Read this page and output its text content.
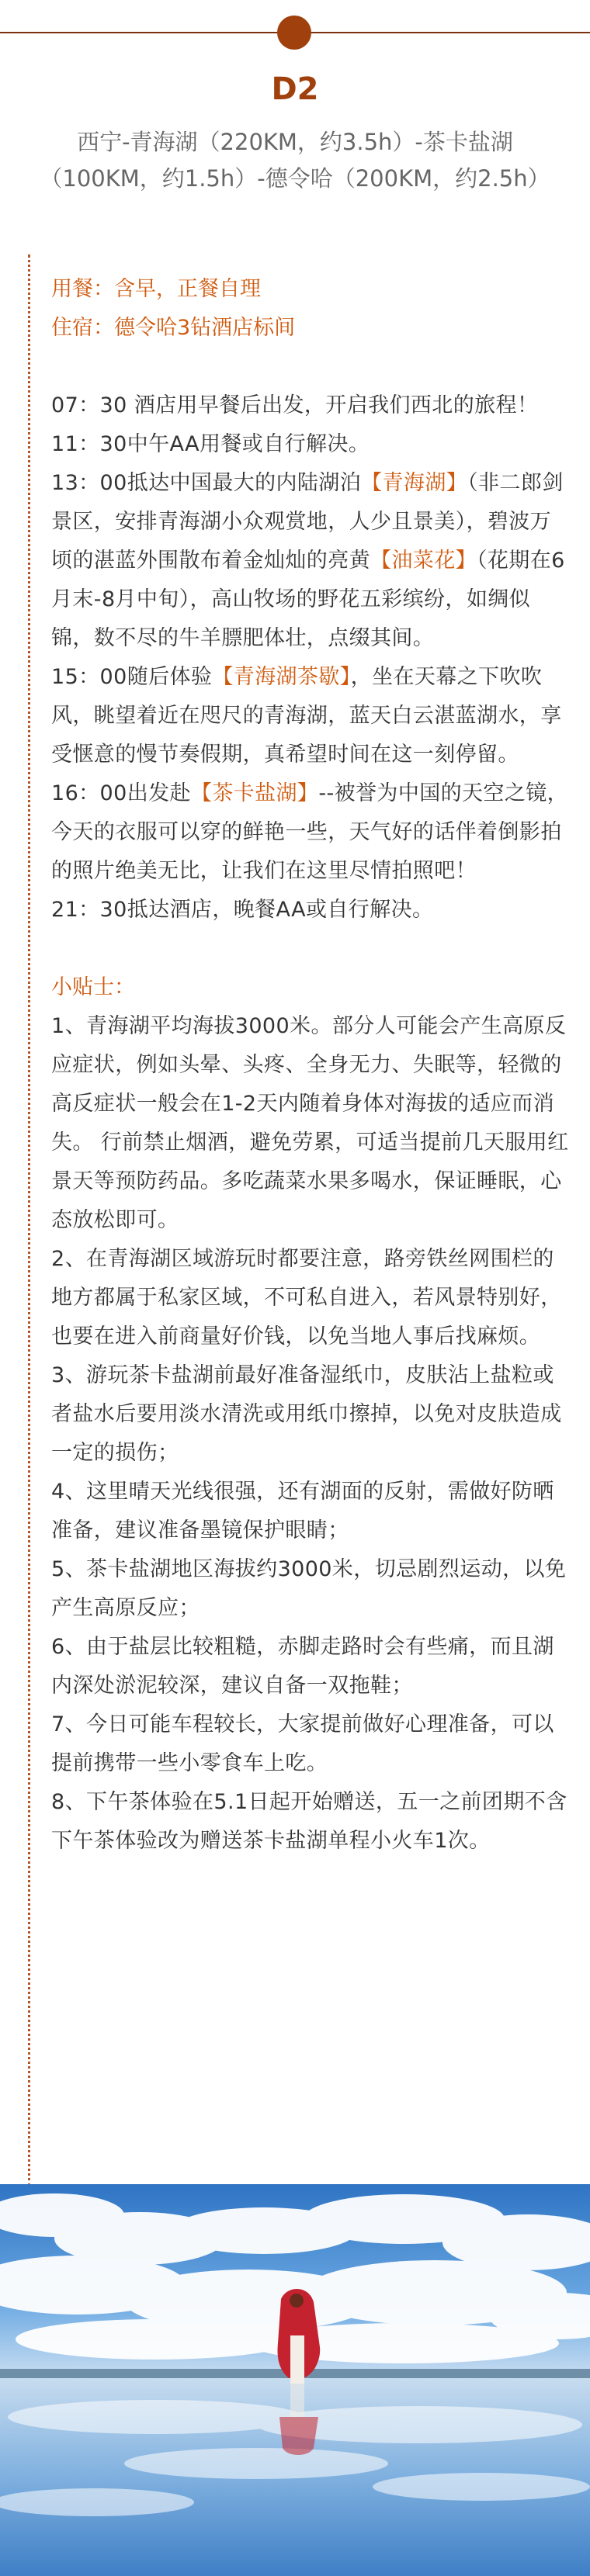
D2
西宁-青海湖（220KM，约3.5h）-茶卡盐湖（100KM，约1.5h）-德令哈（200KM，约2.5h）

用餐：含早，正餐自理

住宿：德令哈3钻酒店标间

07：30 酒店用早餐后出发，开启我们西北的旅程！

11：30中午AA用餐或自行解决。

13：00抵达中国最大的内陆湖泊【青海湖】（非二郎剑景区，安排青海湖小众观赏地，人少且景美），碧波万顷的湛蓝外围散布着金灿灿的亮黄【油菜花】（花期在6月末-8月中旬），高山牧场的野花五彩缤纷，如绸似锦，数不尽的牛羊膘肥体壮，点缀其间。

15：00随后体验【青海湖茶歇】，坐在天幕之下吹吹风，眺望着近在咫尺的青海湖，蓝天白云湛蓝湖水，享受惬意的慢节奏假期，真希望时间在这一刻停留。

16：00出发赴【茶卡盐湖】--被誉为中国的天空之镜，今天的衣服可以穿的鲜艳一些，天气好的话伴着倒影拍的照片绝美无比，让我们在这里尽情拍照吧！

21：30抵达酒店，晚餐AA或自行解决。

小贴士：

1、青海湖平均海拔3000米。部分人可能会产生高原反应症状，例如头晕、头疼、全身无力、失眠等，轻微的高反症状一般会在1-2天内随着身体对海拔的适应而消失。 行前禁止烟酒，避免劳累，可适当提前几天服用红景天等预防药品。多吃蔬菜水果多喝水，保证睡眠，心态放松即可。

2、在青海湖区域游玩时都要注意，路旁铁丝网围栏的地方都属于私家区域，不可私自进入，若风景特别好，也要在进入前商量好价钱，以免当地人事后找麻烦。

3、游玩茶卡盐湖前最好准备湿纸巾，皮肤沾上盐粒或者盐水后要用淡水清洗或用纸巾擦掉，以免对皮肤造成一定的损伤；

4、这里晴天光线很强，还有湖面的反射，需做好防晒准备，建议准备墨镜保护眼睛；

5、茶卡盐湖地区海拔约3000米，切忌剧烈运动，以免产生高原反应；

6、由于盐层比较粗糙，赤脚走路时会有些痛，而且湖内深处淤泥较深，建议自备一双拖鞋；

7、今日可能车程较长，大家提前做好心理准备，可以提前携带一些小零食车上吃。

8、下午茶体验在5.1日起开始赠送，五一之前团期不含下午茶体验改为赠送茶卡盐湖单程小火车1次。
